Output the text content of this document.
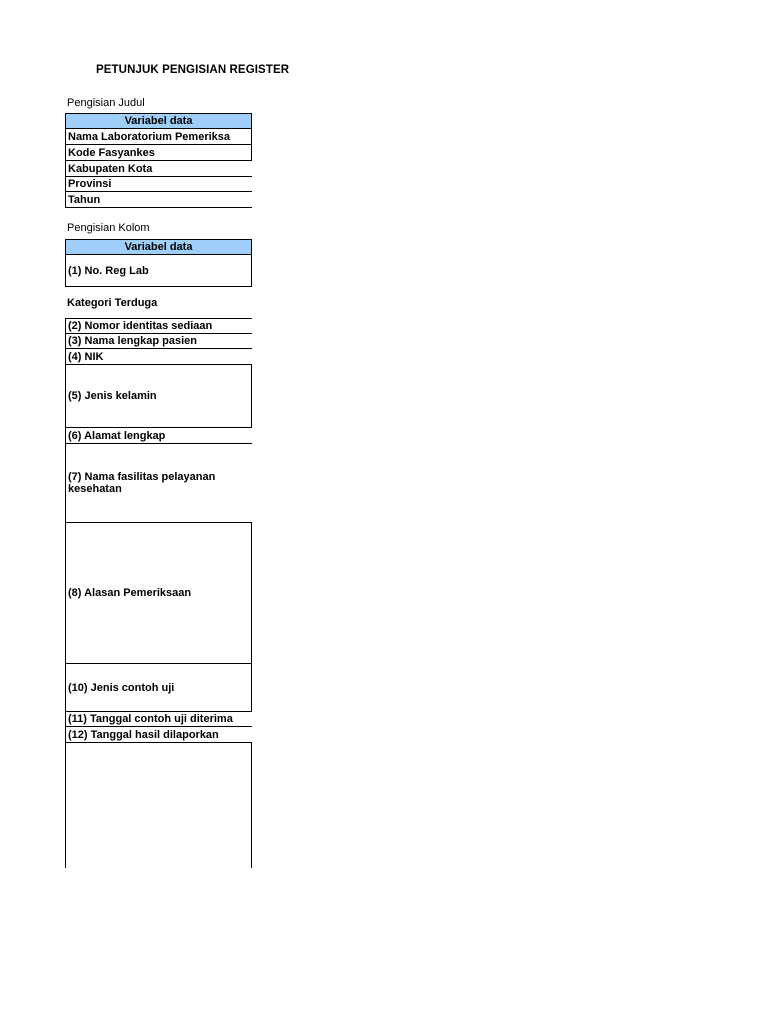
PETUNJUK PENGISIAN REGISTER
Pengisian Judul
Variabel data
Nama Laboratorium Pemeriksa
Kode Fasyankes
Kabupaten Kota
Provinsi
Tahun
Pengisian Kolom
Variabel data
(1) No. Reg Lab
Kategori Terduga
(2) Nomor identitas sediaan
(3) Nama lengkap pasien
(4) NIK
(5) Jenis kelamin
(6) Alamat lengkap
(7) Nama fasilitas pelayanan kesehatan
(8) Alasan Pemeriksaan
(10) Jenis contoh uji
(11) Tanggal contoh uji diterima
(12) Tanggal hasil dilaporkan
